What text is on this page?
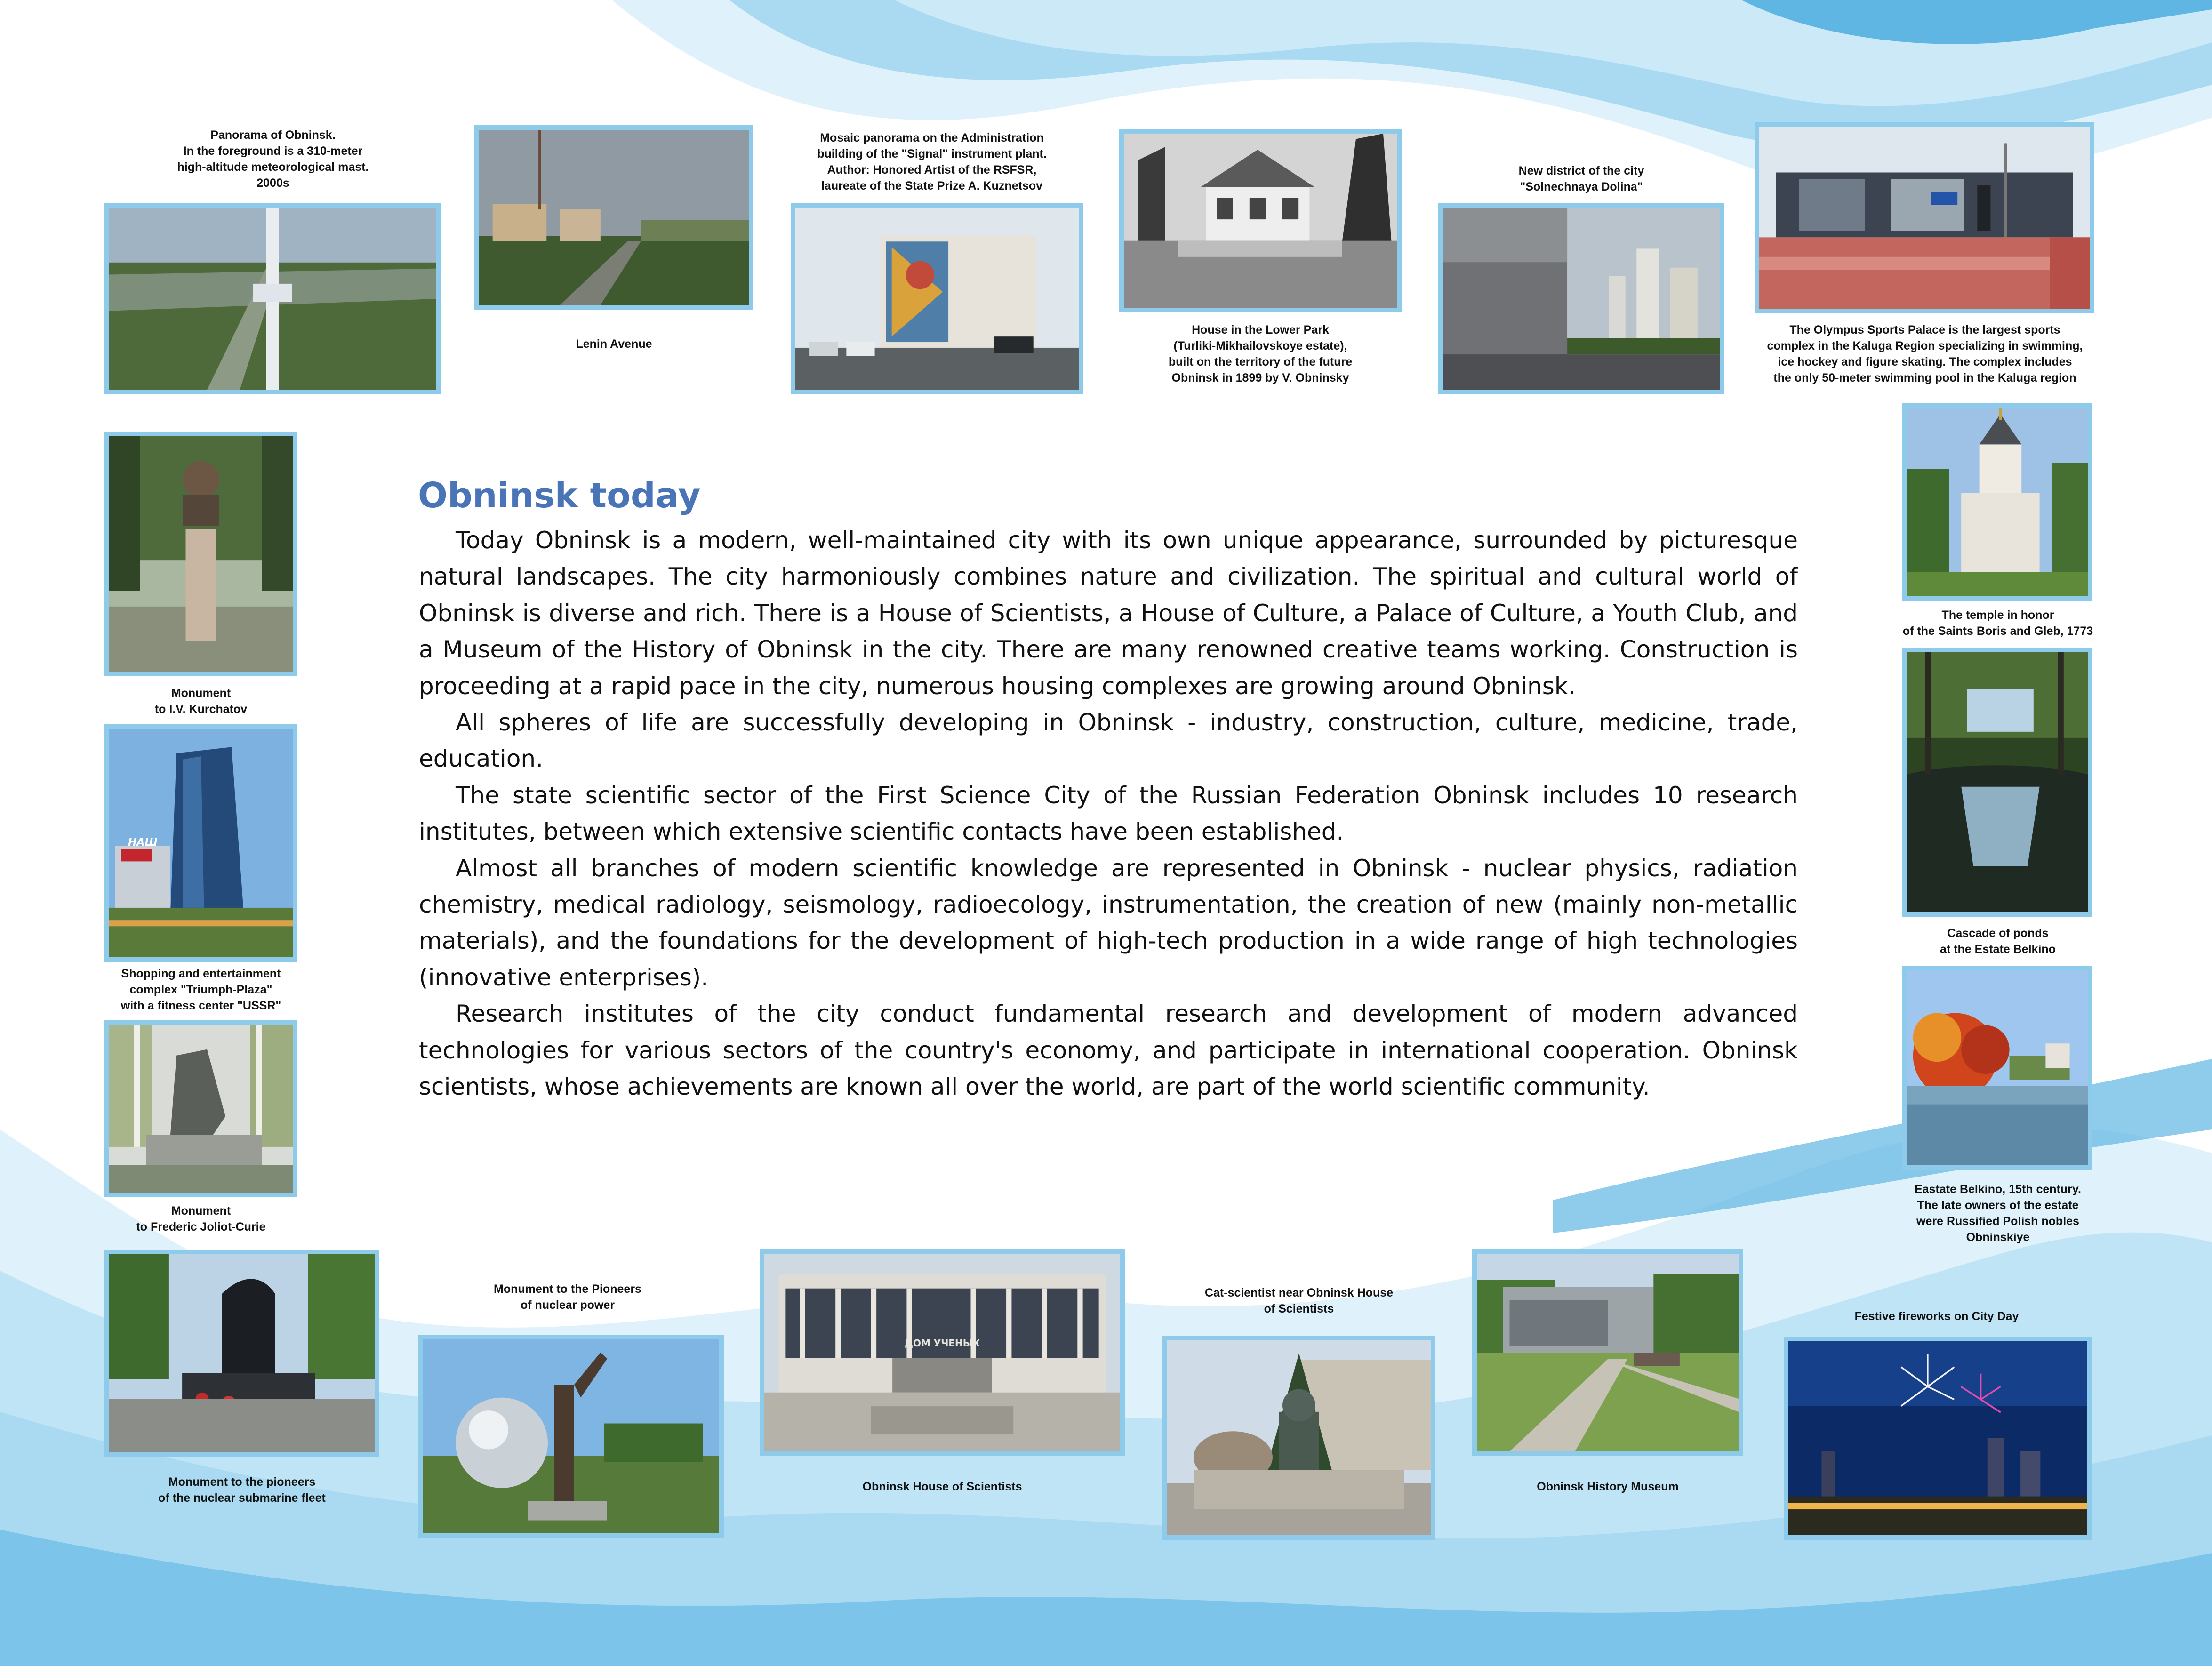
Panorama of Obninsk.
In the foreground is a 310-meter
high-altitude meteorological mast.
2000s
Lenin Avenue
Mosaic panorama on the Administration
building of the "Signal" instrument plant.
Author: Honored Artist of the RSFSR,
laureate of the State Prize A. Kuznetsov
House in the Lower Park
(Turliki-Mikhailovskoye estate),
built on the territory of the future
Obninsk in 1899 by V. Obninsky
New district of the city
"Solnechnaya Dolina"
The Olympus Sports Palace is the largest sports
complex in the Kaluga Region specializing in swimming,
ice hockey and figure skating. The complex includes
the only 50-meter swimming pool in the Kaluga region
Monument
to I.V. Kurchatov
НАШ
Shopping and entertainment
complex "Triumph-Plaza"
with a fitness center "USSR"
Monument
to Frederic Joliot-Curie
The temple in honor
of the Saints Boris and Gleb, 1773
Cascade of ponds
at the Estate Belkino
Eastate Belkino, 15th century.
The late owners of the estate
were Russified Polish nobles
Obninskiye
Monument to the pioneers
of the nuclear submarine fleet
Monument to the Pioneers
of nuclear power
ДОМ УЧЕНЫХ
Obninsk House of Scientists
Cat-scientist near Obninsk House
of Scientists
Obninsk History Museum
Festive fireworks on City Day
Obninsk today

Today Obninsk is a modern, well-maintained city with its own unique appearance, surrounded by picturesque natural landscapes. The city harmoniously combines nature and civilization. The spiritual and cultural world of Obninsk is diverse and rich. There is a House of Scientists, a House of Culture, a Palace of Culture, a Youth Club, and a Museum of the History of Obninsk in the city. There are many renowned creative teams working. Construction is proceeding at a rapid pace in the city, numerous housing complexes are growing around Obninsk.

All spheres of life are successfully developing in Obninsk - industry, construction, culture, medicine, trade, education.

The state scientific sector of the First Science City of the Russian Federation Obninsk includes 10 research institutes, between which extensive scientific contacts have been established.

Almost all branches of modern scientific knowledge are represented in Obninsk - nuclear physics, radiation chemistry, medical radiology, seismology, radioecology, instrumentation, the creation of new (mainly non-metallic materials), and the foundations for the development of high-tech production in a wide range of high technologies (innovative enterprises).

Research institutes of the city conduct fundamental research and development of modern advanced technologies for various sectors of the country's economy, and participate in international cooperation. Obninsk scientists, whose achievements are known all over the world, are part of the world scientific community.
